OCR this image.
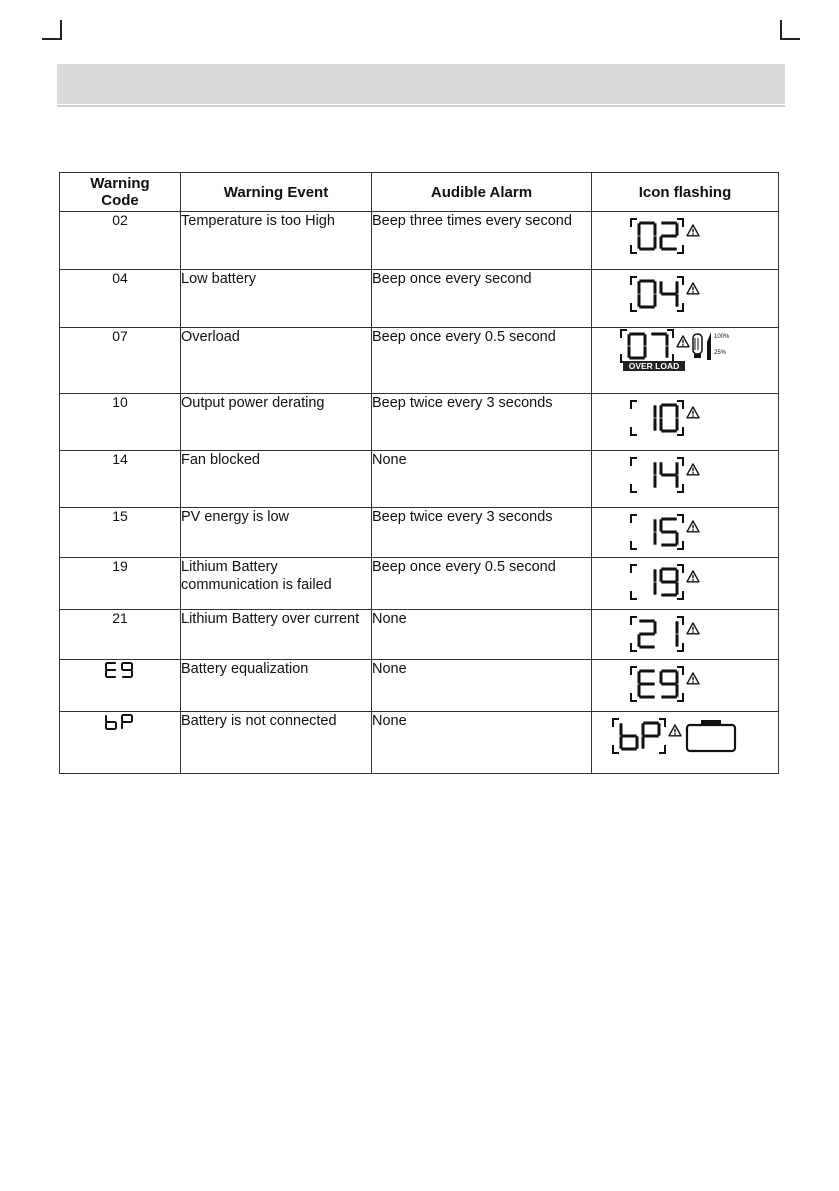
Warning Code	Warning Event	Audible Alarm	Icon flashing
02	Temperature is too High	Beep three times every second	

04	Low battery	Beep once every second	

07	Overload	Beep once every 0.5 second	100%
25%
OVER LOAD

10	Output power derating	Beep twice every 3 seconds	

14	Fan blocked	None	

15	PV energy is low	Beep twice every 3 seconds	

19	Lithium Battery communication is failed	Beep once every 0.5 second	

21	Lithium Battery over current	None	

	Battery equalization	None	

	Battery is not connected	None	
